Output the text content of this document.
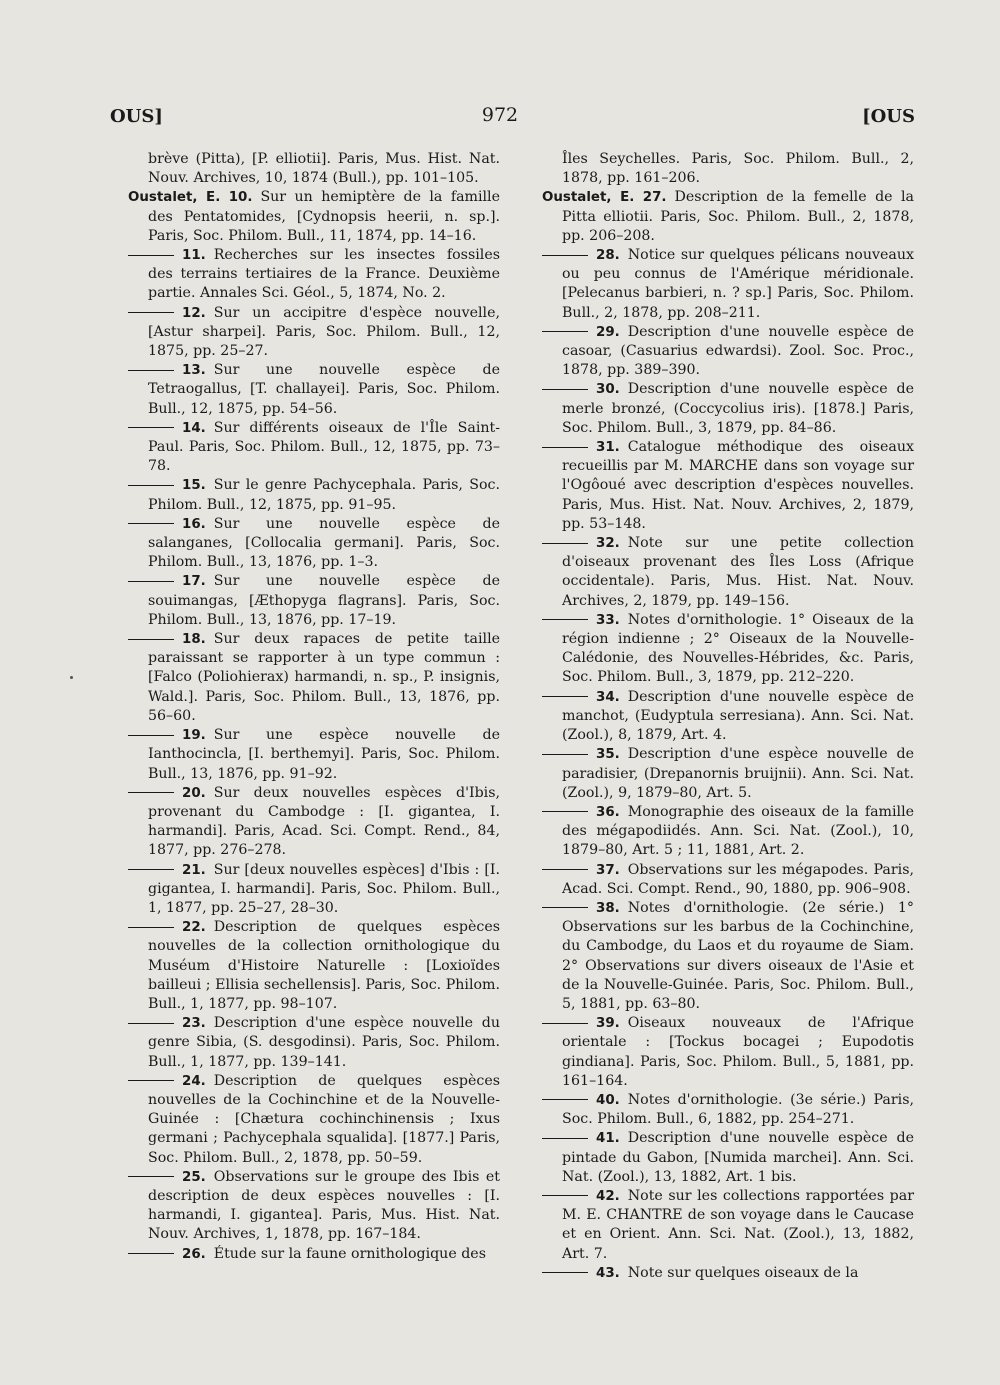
OUS]	972	[OUS

brève (Pitta), [P. elliotii]. Paris, Mus. Hist. Nat. Nouv. Archives, 10, 1874 (Bull.), pp. 101–105.

Oustalet, E. 10. Sur un hemiptère de la famille des Pentatomides, [Cydnopsis heerii, n. sp.]. Paris, Soc. Philom. Bull., 11, 1874, pp. 14–16.

11. Recherches sur les insectes fossiles des terrains tertiaires de la France. Deuxième partie. Annales Sci. Géol., 5, 1874, No. 2.

12. Sur un accipitre d'espèce nouvelle, [Astur sharpei]. Paris, Soc. Philom. Bull., 12, 1875, pp. 25–27.

13. Sur une nouvelle espèce de Tetraogallus, [T. challayei]. Paris, Soc. Philom. Bull., 12, 1875, pp. 54–56.

14. Sur différents oiseaux de l'Île Saint-Paul. Paris, Soc. Philom. Bull., 12, 1875, pp. 73–78.

15. Sur le genre Pachycephala. Paris, Soc. Philom. Bull., 12, 1875, pp. 91–95.

16. Sur une nouvelle espèce de salanganes, [Collocalia germani]. Paris, Soc. Philom. Bull., 13, 1876, pp. 1–3.

17. Sur une nouvelle espèce de souimangas, [Æthopyga flagrans]. Paris, Soc. Philom. Bull., 13, 1876, pp. 17–19.

18. Sur deux rapaces de petite taille paraissant se rapporter à un type commun : [Falco (Poliohierax) harmandi, n. sp., P. insignis, Wald.]. Paris, Soc. Philom. Bull., 13, 1876, pp. 56–60.

19. Sur une espèce nouvelle de Ianthocincla, [I. berthemyi]. Paris, Soc. Philom. Bull., 13, 1876, pp. 91–92.

20. Sur deux nouvelles espèces d'Ibis, provenant du Cambodge : [I. gigantea, I. harmandi]. Paris, Acad. Sci. Compt. Rend., 84, 1877, pp. 276–278.

21. Sur [deux nouvelles espèces] d'Ibis : [I. gigantea, I. harmandi]. Paris, Soc. Philom. Bull., 1, 1877, pp. 25–27, 28–30.

22. Description de quelques espèces nouvelles de la collection ornithologique du Muséum d'Histoire Naturelle : [Loxioïdes bailleui ; Ellisia sechellensis]. Paris, Soc. Philom. Bull., 1, 1877, pp. 98–107.

23. Description d'une espèce nouvelle du genre Sibia, (S. desgodinsi). Paris, Soc. Philom. Bull., 1, 1877, pp. 139–141.

24. Description de quelques espèces nouvelles de la Cochinchine et de la Nouvelle-Guinée : [Chætura cochinchinensis ; Ixus germani ; Pachycephala squalida]. [1877.] Paris, Soc. Philom. Bull., 2, 1878, pp. 50–59.

25. Observations sur le groupe des Ibis et description de deux espèces nouvelles : [I. harmandi, I. gigantea]. Paris, Mus. Hist. Nat. Nouv. Archives, 1, 1878, pp. 167–184.

26. Étude sur la faune ornithologique des

Îles Seychelles. Paris, Soc. Philom. Bull., 2, 1878, pp. 161–206.

Oustalet, E. 27. Description de la femelle de la Pitta elliotii. Paris, Soc. Philom. Bull., 2, 1878, pp. 206–208.

28. Notice sur quelques pélicans nouveaux ou peu connus de l'Amérique méridionale. [Pelecanus barbieri, n. ? sp.] Paris, Soc. Philom. Bull., 2, 1878, pp. 208–211.

29. Description d'une nouvelle espèce de casoar, (Casuarius edwardsi). Zool. Soc. Proc., 1878, pp. 389–390.

30. Description d'une nouvelle espèce de merle bronzé, (Coccycolius iris). [1878.] Paris, Soc. Philom. Bull., 3, 1879, pp. 84–86.

31. Catalogue méthodique des oiseaux recueillis par M. MARCHE dans son voyage sur l'Ogôoué avec description d'espèces nouvelles. Paris, Mus. Hist. Nat. Nouv. Archives, 2, 1879, pp. 53–148.

32. Note sur une petite collection d'oiseaux provenant des Îles Loss (Afrique occidentale). Paris, Mus. Hist. Nat. Nouv. Archives, 2, 1879, pp. 149–156.

33. Notes d'ornithologie. 1° Oiseaux de la région indienne ; 2° Oiseaux de la Nouvelle-Calédonie, des Nouvelles-Hébrides, &c. Paris, Soc. Philom. Bull., 3, 1879, pp. 212–220.

34. Description d'une nouvelle espèce de manchot, (Eudyptula serresiana). Ann. Sci. Nat. (Zool.), 8, 1879, Art. 4.

35. Description d'une espèce nouvelle de paradisier, (Drepanornis bruijnii). Ann. Sci. Nat. (Zool.), 9, 1879–80, Art. 5.

36. Monographie des oiseaux de la famille des mégapodiidés. Ann. Sci. Nat. (Zool.), 10, 1879–80, Art. 5 ; 11, 1881, Art. 2.

37. Observations sur les mégapodes. Paris, Acad. Sci. Compt. Rend., 90, 1880, pp. 906–908.

38. Notes d'ornithologie. (2e série.) 1° Observations sur les barbus de la Cochinchine, du Cambodge, du Laos et du royaume de Siam. 2° Observations sur divers oiseaux de l'Asie et de la Nouvelle-Guinée. Paris, Soc. Philom. Bull., 5, 1881, pp. 63–80.

39. Oiseaux nouveaux de l'Afrique orientale : [Tockus bocagei ; Eupodotis gindiana]. Paris, Soc. Philom. Bull., 5, 1881, pp. 161–164.

40. Notes d'ornithologie. (3e série.) Paris, Soc. Philom. Bull., 6, 1882, pp. 254–271.

41. Description d'une nouvelle espèce de pintade du Gabon, [Numida marchei]. Ann. Sci. Nat. (Zool.), 13, 1882, Art. 1 bis.

42. Note sur les collections rapportées par M. E. CHANTRE de son voyage dans le Caucase et en Orient. Ann. Sci. Nat. (Zool.), 13, 1882, Art. 7.

43. Note sur quelques oiseaux de la
